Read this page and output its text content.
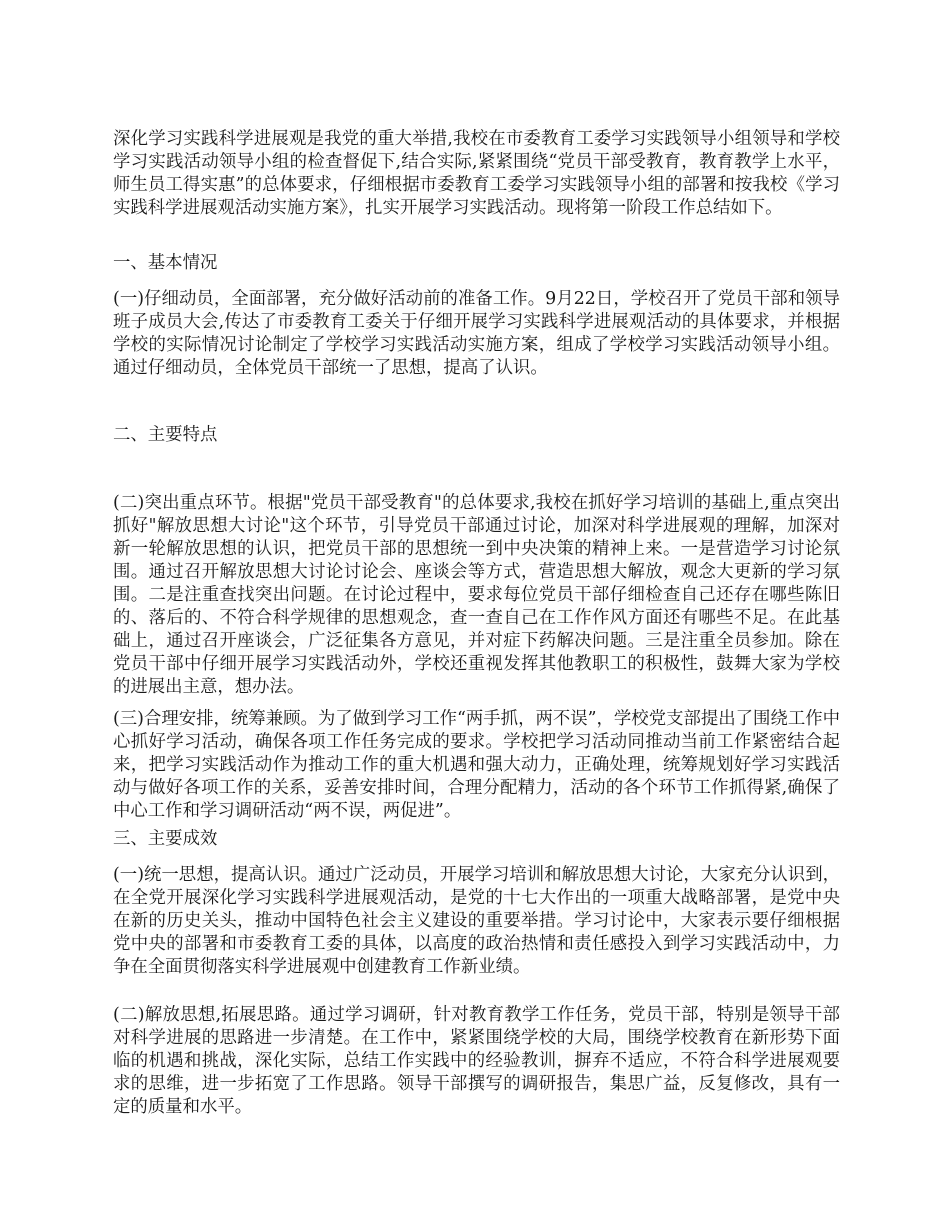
深化学习实践科学进展观是我党的重大举措,我校在市委教育工委学习实践领导小组领导和学校学习实践活动领导小组的检查督促下,结合实际,紧紧围绕“党员干部受教育，教育教学上水平，师生员工得实惠”的总体要求，仔细根据市委教育工委学习实践领导小组的部署和按我校《学习实践科学进展观活动实施方案》，扎实开展学习实践活动。现将第一阶段工作总结如下。

一、基本情况

(一)仔细动员，全面部署，充分做好活动前的准备工作。9月22日，学校召开了党员干部和领导班子成员大会,传达了市委教育工委关于仔细开展学习实践科学进展观活动的具体要求，并根据学校的实际情况讨论制定了学校学习实践活动实施方案，组成了学校学习实践活动领导小组。通过仔细动员，全体党员干部统一了思想，提高了认识。

二、主要特点

(二)突出重点环节。根据"党员干部受教育"的总体要求,我校在抓好学习培训的基础上,重点突出抓好"解放思想大讨论"这个环节，引导党员干部通过讨论，加深对科学进展观的理解，加深对新一轮解放思想的认识，把党员干部的思想统一到中央决策的精神上来。一是营造学习讨论氛围。通过召开解放思想大讨论讨论会、座谈会等方式，营造思想大解放，观念大更新的学习氛围。二是注重查找突出问题。在讨论过程中，要求每位党员干部仔细检查自己还存在哪些陈旧的、落后的、不符合科学规律的思想观念，查一查自己在工作作风方面还有哪些不足。在此基础上，通过召开座谈会，广泛征集各方意见，并对症下药解决问题。三是注重全员参加。除在党员干部中仔细开展学习实践活动外，学校还重视发挥其他教职工的积极性，鼓舞大家为学校的进展出主意，想办法。

(三)合理安排，统筹兼顾。为了做到学习工作“两手抓，两不误”，学校党支部提出了围绕工作中心抓好学习活动，确保各项工作任务完成的要求。学校把学习活动同推动当前工作紧密结合起来，把学习实践活动作为推动工作的重大机遇和强大动力，正确处理，统筹规划好学习实践活动与做好各项工作的关系，妥善安排时间，合理分配精力，活动的各个环节工作抓得紧,确保了中心工作和学习调研活动“两不误，两促进”。

三、主要成效

(一)统一思想，提高认识。通过广泛动员，开展学习培训和解放思想大讨论，大家充分认识到，在全党开展深化学习实践科学进展观活动，是党的十七大作出的一项重大战略部署，是党中央在新的历史关头，推动中国特色社会主义建设的重要举措。学习讨论中，大家表示要仔细根据党中央的部署和市委教育工委的具体，以高度的政治热情和责任感投入到学习实践活动中，力争在全面贯彻落实科学进展观中创建教育工作新业绩。

(二)解放思想,拓展思路。通过学习调研，针对教育教学工作任务，党员干部，特别是领导干部对科学进展的思路进一步清楚。在工作中，紧紧围绕学校的大局，围绕学校教育在新形势下面临的机遇和挑战，深化实际，总结工作实践中的经验教训，摒弃不适应，不符合科学进展观要求的思维，进一步拓宽了工作思路。领导干部撰写的调研报告，集思广益，反复修改，具有一定的质量和水平。
